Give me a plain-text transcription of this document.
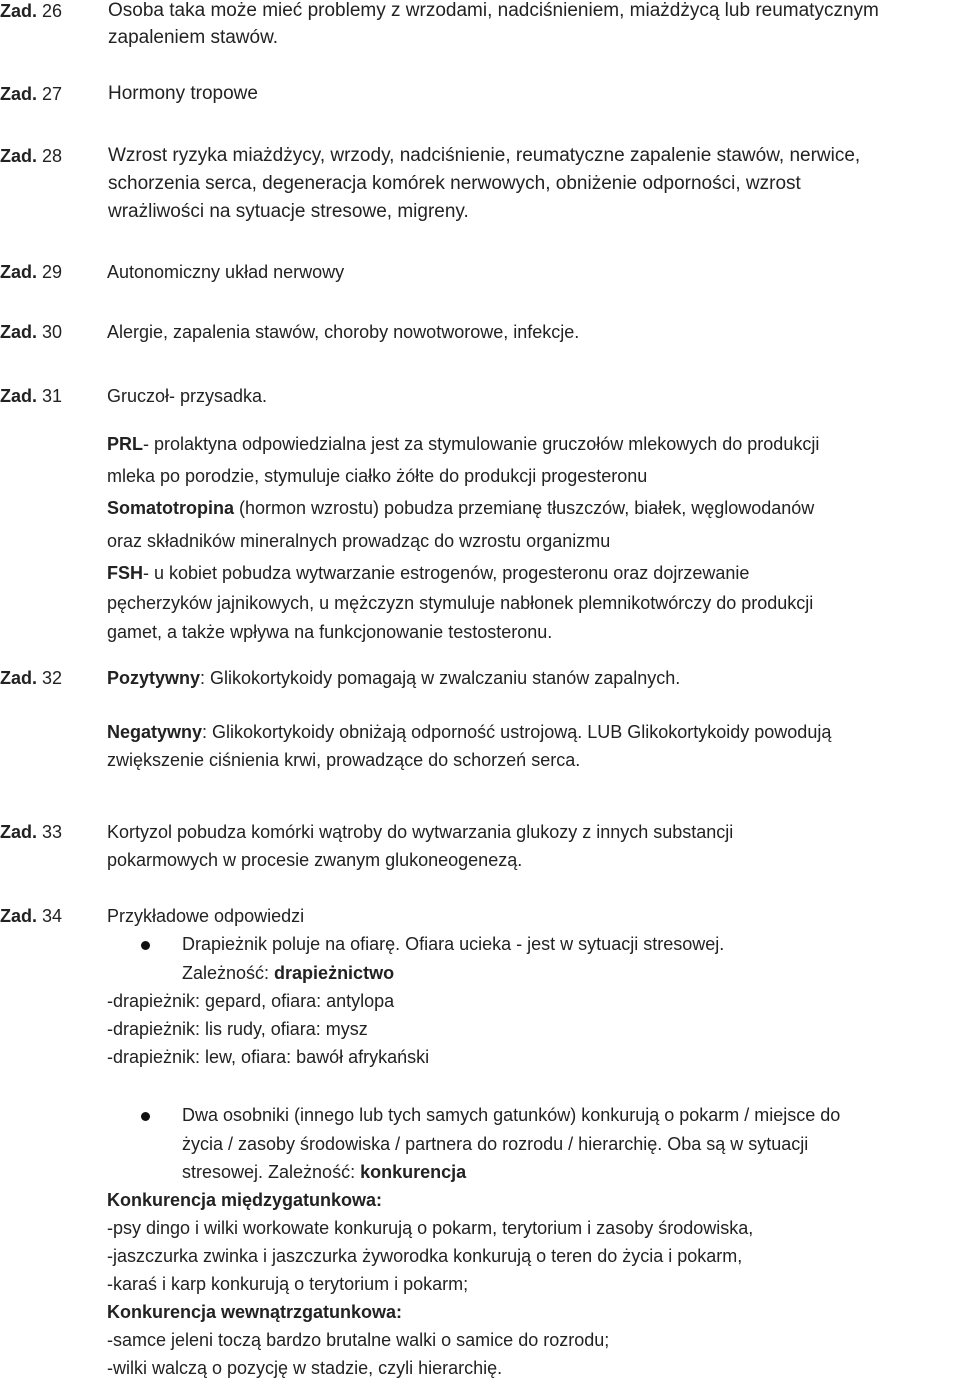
Zad. 26

Zad. 27

Zad. 28

Zad. 29

Zad. 30

Zad. 31

Zad. 32

Zad. 33

Zad. 34

Osoba taka może mieć problemy z wrzodami, nadciśnieniem, miażdżycą lub reumatycznym

zapaleniem stawów.

Hormony tropowe

Wzrost ryzyka miażdżycy, wrzody, nadciśnienie, reumatyczne zapalenie stawów, nerwice,

schorzenia serca, degeneracja komórek nerwowych, obniżenie odporności, wzrost

wrażliwości na sytuacje stresowe, migreny.

Autonomiczny układ nerwowy

Alergie, zapalenia stawów, choroby nowotworowe, infekcje.

Gruczoł- przysadka.

PRL- prolaktyna odpowiedzialna jest za stymulowanie gruczołów mlekowych do produkcji

mleka po porodzie, stymuluje ciałko żółte do produkcji progesteronu

Somatotropina (hormon wzrostu) pobudza przemianę tłuszczów, białek, węglowodanów

oraz składników mineralnych prowadząc do wzrostu organizmu

FSH- u kobiet pobudza wytwarzanie estrogenów, progesteronu oraz dojrzewanie

pęcherzyków jajnikowych, u mężczyzn stymuluje nabłonek plemnikotwórczy do produkcji

gamet, a także wpływa na funkcjonowanie testosteronu.

Pozytywny: Glikokortykoidy pomagają w zwalczaniu stanów zapalnych.

Negatywny: Glikokortykoidy obniżają odporność ustrojową. LUB Glikokortykoidy powodują

zwiększenie ciśnienia krwi, prowadzące do schorzeń serca.

Kortyzol pobudza komórki wątroby do wytwarzania glukozy z innych substancji

pokarmowych w procesie zwanym glukoneogenezą.

Przykładowe odpowiedzi

Drapieżnik poluje na ofiarę. Ofiara ucieka - jest w sytuacji stresowej.

Zależność: drapieżnictwo

-drapieżnik: gepard, ofiara: antylopa

-drapieżnik: lis rudy, ofiara: mysz

-drapieżnik: lew, ofiara: bawół afrykański

Dwa osobniki (innego lub tych samych gatunków) konkurują o pokarm / miejsce do

życia / zasoby środowiska / partnera do rozrodu / hierarchię. Oba są w sytuacji

stresowej. Zależność: konkurencja

Konkurencja międzygatunkowa:

-psy dingo i wilki workowate konkurują o pokarm, terytorium i zasoby środowiska,

-jaszczurka zwinka i jaszczurka żyworodka konkurują o teren do życia i pokarm,

-karaś i karp konkurują o terytorium i pokarm;

Konkurencja wewnątrzgatunkowa:

-samce jeleni toczą bardzo brutalne walki o samice do rozrodu;

-wilki walczą o pozycję w stadzie, czyli hierarchię.
